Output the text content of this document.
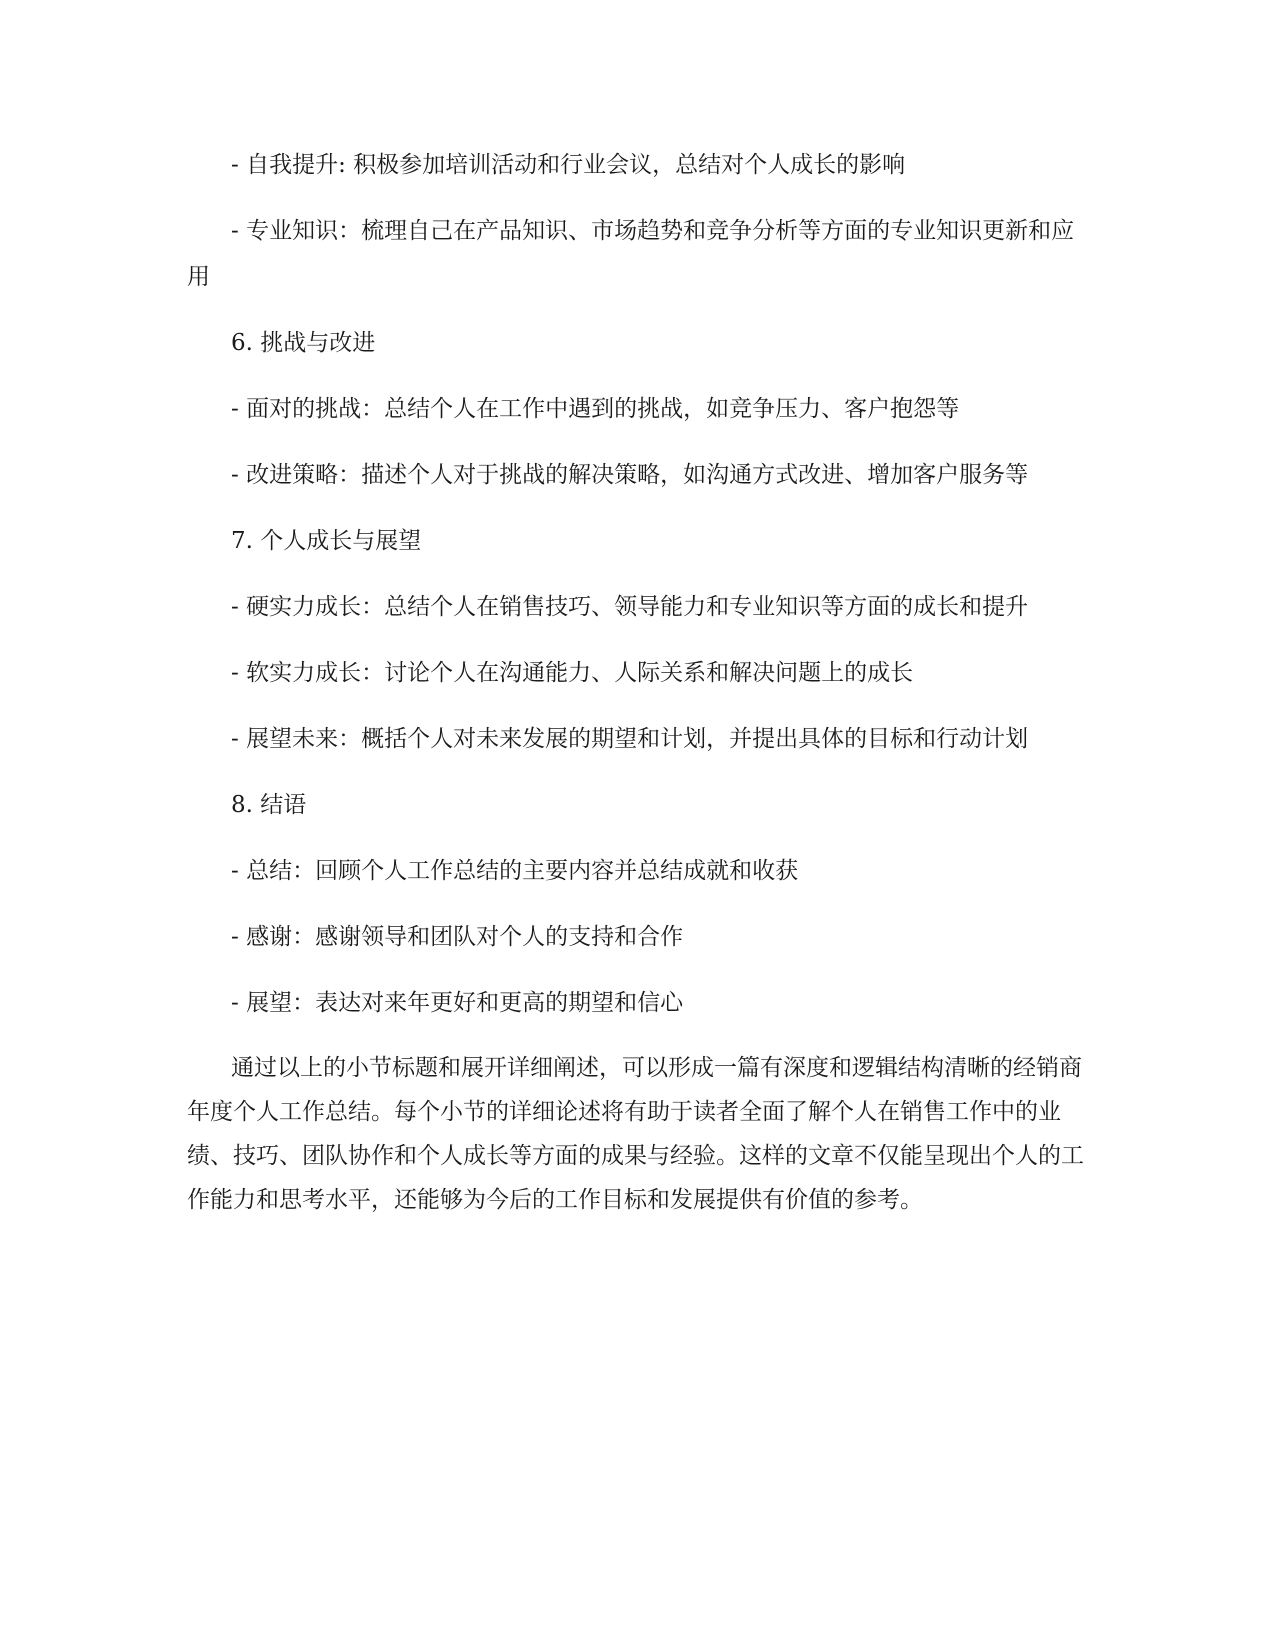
- 自我提升: 积极参加培训活动和行业会议，总结对个人成长的影响

- 专业知识：梳理自己在产品知识、市场趋势和竞争分析等方面的专业知识更新和应用

6. 挑战与改进

- 面对的挑战：总结个人在工作中遇到的挑战，如竞争压力、客户抱怨等

- 改进策略：描述个人对于挑战的解决策略，如沟通方式改进、增加客户服务等

7. 个人成长与展望

- 硬实力成长：总结个人在销售技巧、领导能力和专业知识等方面的成长和提升

- 软实力成长：讨论个人在沟通能力、人际关系和解决问题上的成长

- 展望未来：概括个人对未来发展的期望和计划，并提出具体的目标和行动计划

8. 结语

- 总结：回顾个人工作总结的主要内容并总结成就和收获

- 感谢：感谢领导和团队对个人的支持和合作

- 展望：表达对来年更好和更高的期望和信心

通过以上的小节标题和展开详细阐述，可以形成一篇有深度和逻辑结构清晰的经销商年度个人工作总结。每个小节的详细论述将有助于读者全面了解个人在销售工作中的业绩、技巧、团队协作和个人成长等方面的成果与经验。这样的文章不仅能呈现出个人的工作能力和思考水平，还能够为今后的工作目标和发展提供有价值的参考。
